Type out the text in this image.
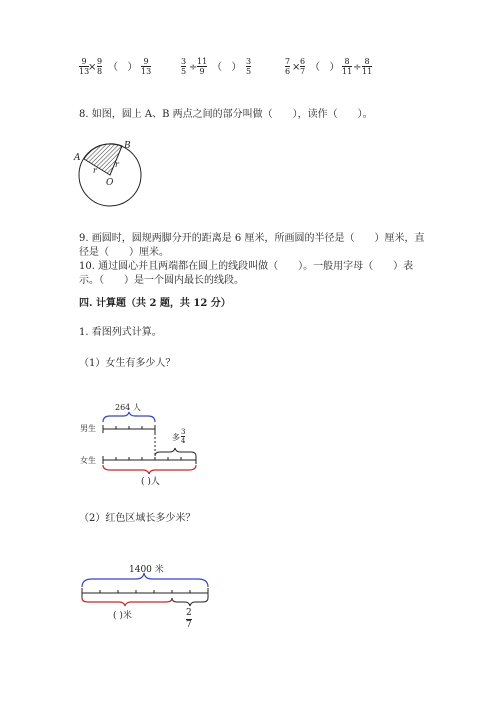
9
13
×
9
8 （   ）
9
13
3
5 ÷
11
9 （   ）
3
5
7
6 ×
6
7 （   ）
8
11 ÷
8
11
8. 如图，圆上 A、B 两点之间的部分叫做（　　），读作（　　）。
A
B
O
r
r
9. 画圆时，圆规两脚分开的距离是 6 厘米，所画圆的半径是（　　）厘米，直
径是（　　）厘米。
10. 通过圆心并且两端都在圆上的线段叫做（　　）。一般用字母（　　）表
示。（　　）是一个圆内最长的线段。
四. 计算题（共 2 题，共 12 分）
1. 看图列式计算。
（1）女生有多少人？
264 人
男生
女生
多
3
4
( )人
（2）红色区域长多少米？
1400 米
( )米	2
7
